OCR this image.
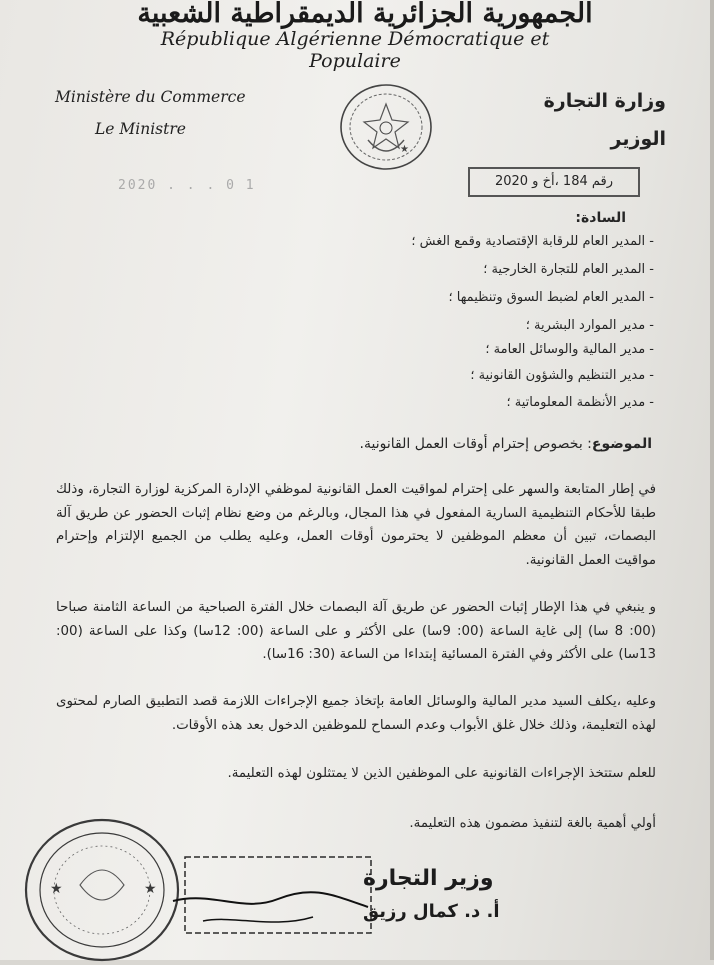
الجمهورية الجزائرية الديمقراطية الشعبية
République Algérienne Démocratique et Populaire
Ministère du Commerce
Le Ministre
وزارة التجارة
الوزير
★
2020 . . . 0 1	رقم 184 ،أخ و 2020
السادة:
- المدير العام للرقابة الإقتصادية وقمع الغش ؛
- المدير العام للتجارة الخارجية ؛
- المدير العام لضبط السوق وتنظيمها ؛
- مدير الموارد البشرية ؛
- مدير المالية والوسائل العامة ؛
- مدير التنظيم والشؤون القانونية ؛
- مدير الأنظمة المعلوماتية ؛
الموضوع: بخصوص إحترام أوقات العمل القانونية.
في إطار المتابعة والسهر على إحترام لمواقيت العمل القانونية لموظفي الإدارة المركزية لوزارة التجارة، وذلك طبقا للأحكام التنظيمية السارية المفعول في هذا المجال، وبالرغم من وضع نظام إثبات الحضور عن طريق آلة البصمات، تبين أن معظم الموظفين لا يحترمون أوقات العمل، وعليه يطلب من الجميع الإلتزام وإحترام مواقيت العمل القانونية.
و ينبغي في هذا الإطار إثبات الحضور عن طريق آلة البصمات خلال الفترة الصباحية من الساعة الثامنة صباحا (00: 8 سا) إلى غاية الساعة (00: 9سا) على الأكثر و على الساعة (00: 12سا) وكذا على الساعة (00: 13سا) على الأكثر وفي الفترة المسائية إبتداءا من الساعة (30: 16سا).
وعليه ،يكلف السيد مدير المالية والوسائل العامة بإتخاذ جميع الإجراءات اللازمة قصد التطبيق الصارم لمحتوى لهذه التعليمة، وذلك خلال غلق الأبواب وعدم السماح للموظفين الدخول بعد هذه الأوقات.
للعلم ستتخذ الإجراءات القانونية على الموظفين الذين لا يمتثلون لهذه التعليمة.
أولي أهمية بالغة لتنفيذ مضمون هذه التعليمة.
★	★	وزير التجارة
أ. د. كمال رزيق
